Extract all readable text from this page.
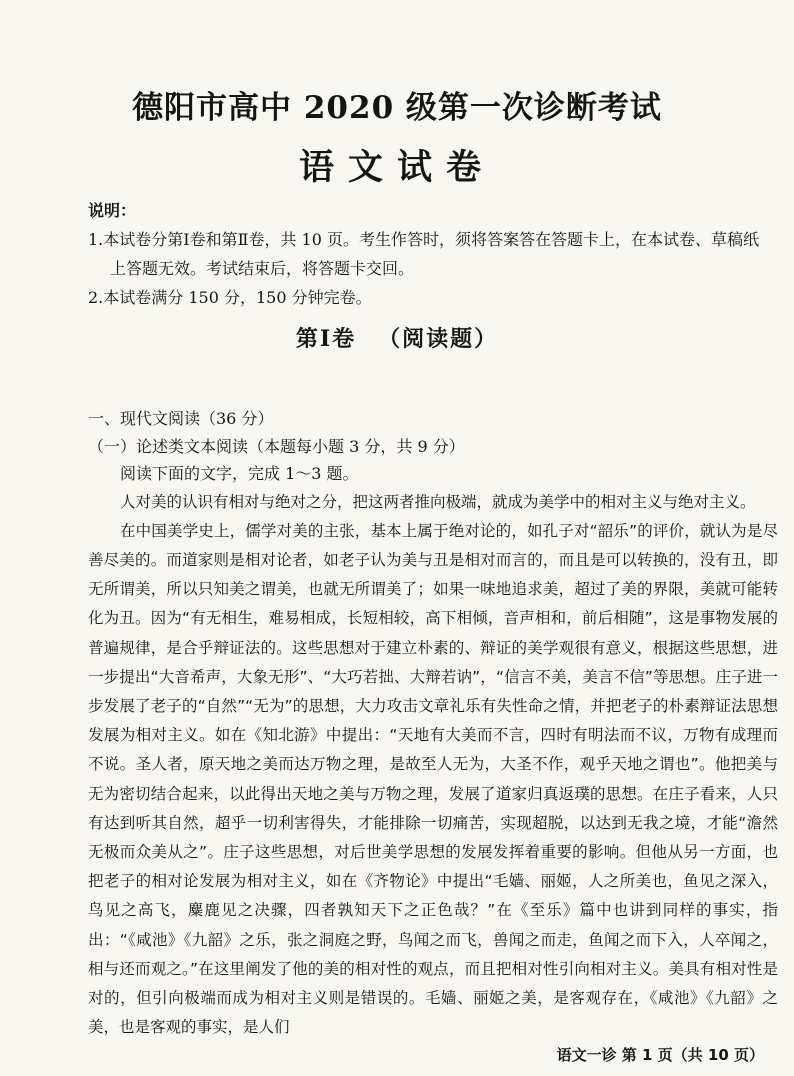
德阳市高中 2020 级第一次诊断考试
语文试卷
说明：
1.本试卷分第Ⅰ卷和第Ⅱ卷，共 10 页。考生作答时，须将答案答在答题卡上，在本试卷、草稿纸上答题无效。考试结束后，将答题卡交回。
2.本试卷满分 150 分，150 分钟完卷。
第Ⅰ卷 （阅读题）

一、现代文阅读（36 分）

（一）论述类文本阅读（本题每小题 3 分，共 9 分）

阅读下面的文字，完成 1～3 题。

人对美的认识有相对与绝对之分，把这两者推向极端，就成为美学中的相对主义与绝对主义。

在中国美学史上，儒学对美的主张，基本上属于绝对论的，如孔子对“韶乐”的评价，就认为是尽善尽美的。而道家则是相对论者，如老子认为美与丑是相对而言的，而且是可以转换的，没有丑，即无所谓美，所以只知美之谓美，也就无所谓美了；如果一味地追求美，超过了美的界限，美就可能转化为丑。因为“有无相生，难易相成，长短相较，高下相倾，音声相和，前后相随”，这是事物发展的普遍规律，是合乎辩证法的。这些思想对于建立朴素的、辩证的美学观很有意义，根据这些思想，进一步提出“大音希声，大象无形”、“大巧若拙、大辩若讷”，“信言不美，美言不信”等思想。庄子进一步发展了老子的“自然”“无为”的思想，大力攻击文章礼乐有失性命之情，并把老子的朴素辩证法思想发展为相对主义。如在《知北游》中提出：“天地有大美而不言，四时有明法而不议，万物有成理而不说。圣人者，原天地之美而达万物之理，是故至人无为，大圣不作，观乎天地之谓也”。他把美与无为密切结合起来，以此得出天地之美与万物之理，发展了道家归真返璞的思想。在庄子看来，人只有达到听其自然，超乎一切利害得失，才能排除一切痛苦，实现超脱，以达到无我之境，才能“澹然无极而众美从之”。庄子这些思想，对后世美学思想的发展发挥着重要的影响。但他从另一方面，也把老子的相对论发展为相对主义，如在《齐物论》中提出“毛嫱、丽姬，人之所美也，鱼见之深入，鸟见之高飞，麋鹿见之决骤，四者孰知天下之正色哉？”在《至乐》篇中也讲到同样的事实，指出：“《咸池》《九韶》之乐，张之洞庭之野，鸟闻之而飞，兽闻之而走，鱼闻之而下入，人卒闻之，相与还而观之。”在这里阐发了他的美的相对性的观点，而且把相对性引向相对主义。美具有相对性是对的，但引向极端而成为相对主义则是错误的。毛嫱、丽姬之美，是客观存在，《咸池》《九韶》之美，也是客观的事实，是人们

语文一诊 第 1 页（共 10 页）
